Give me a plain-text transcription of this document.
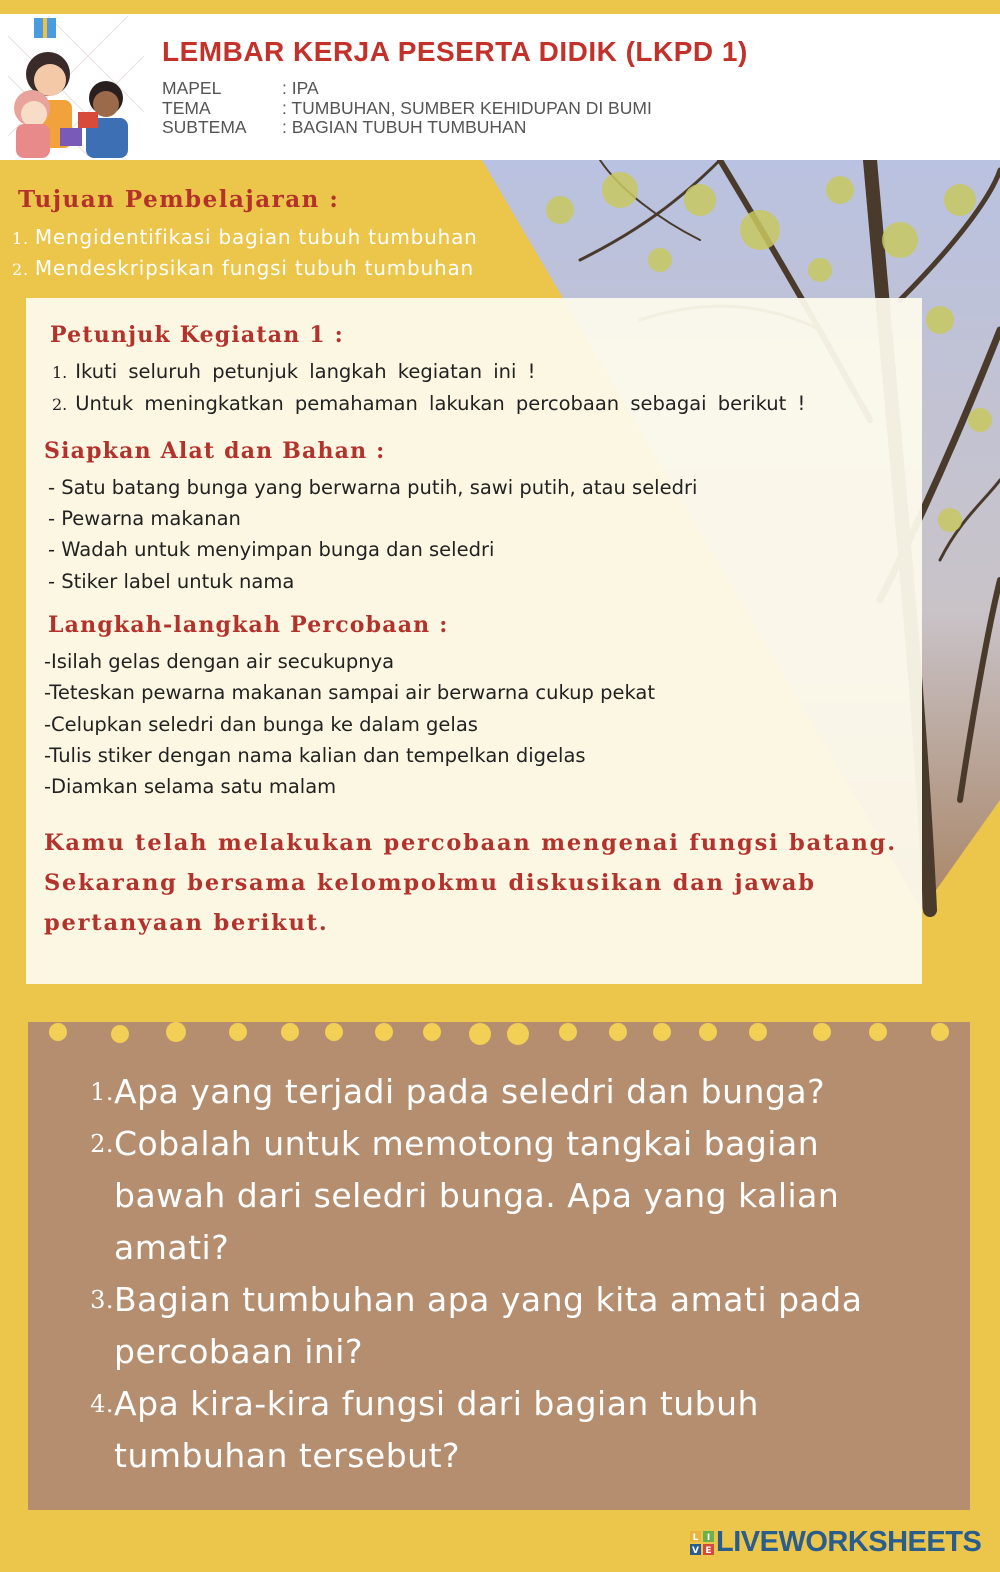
LEMBAR KERJA PESERTA DIDIK (LKPD 1)
MAPEL	: IPA
TEMA	: TUMBUHAN, SUMBER KEHIDUPAN DI BUMI
SUBTEMA : BAGIAN TUBUH TUMBUHAN
Tujuan Pembelajaran :
1. Mengidentifikasi bagian tubuh tumbuhan
2. Mendeskripsikan fungsi tubuh tumbuhan
Petunjuk Kegiatan 1 :
1. Ikuti seluruh petunjuk langkah kegiatan ini !
2. Untuk meningkatkan pemahaman lakukan percobaan sebagai berikut !
Siapkan Alat dan Bahan :
- Satu batang bunga yang berwarna putih, sawi putih, atau seledri
- Pewarna makanan
- Wadah untuk menyimpan bunga dan seledri
- Stiker label untuk nama
Langkah-langkah Percobaan :
-Isilah gelas dengan air secukupnya
-Teteskan pewarna makanan sampai air berwarna cukup pekat
-Celupkan seledri dan bunga ke dalam gelas
-Tulis stiker dengan nama kalian dan tempelkan digelas
-Diamkan selama satu malam

Kamu telah melakukan percobaan mengenai fungsi batang.

Sekarang bersama kelompokmu diskusikan dan jawab

pertanyaan berikut.

1. Apa yang terjadi pada seledri dan bunga?
2. Cobalah untuk memotong tangkai bagian bawah dari seledri bunga. Apa yang kalian amati?
3. Bagian tumbuhan apa yang kita amati pada percobaan ini?
4. Apa kira-kira fungsi dari bagian tubuh tumbuhan tersebut?
L I
V E LIVEWORKSHEETS
